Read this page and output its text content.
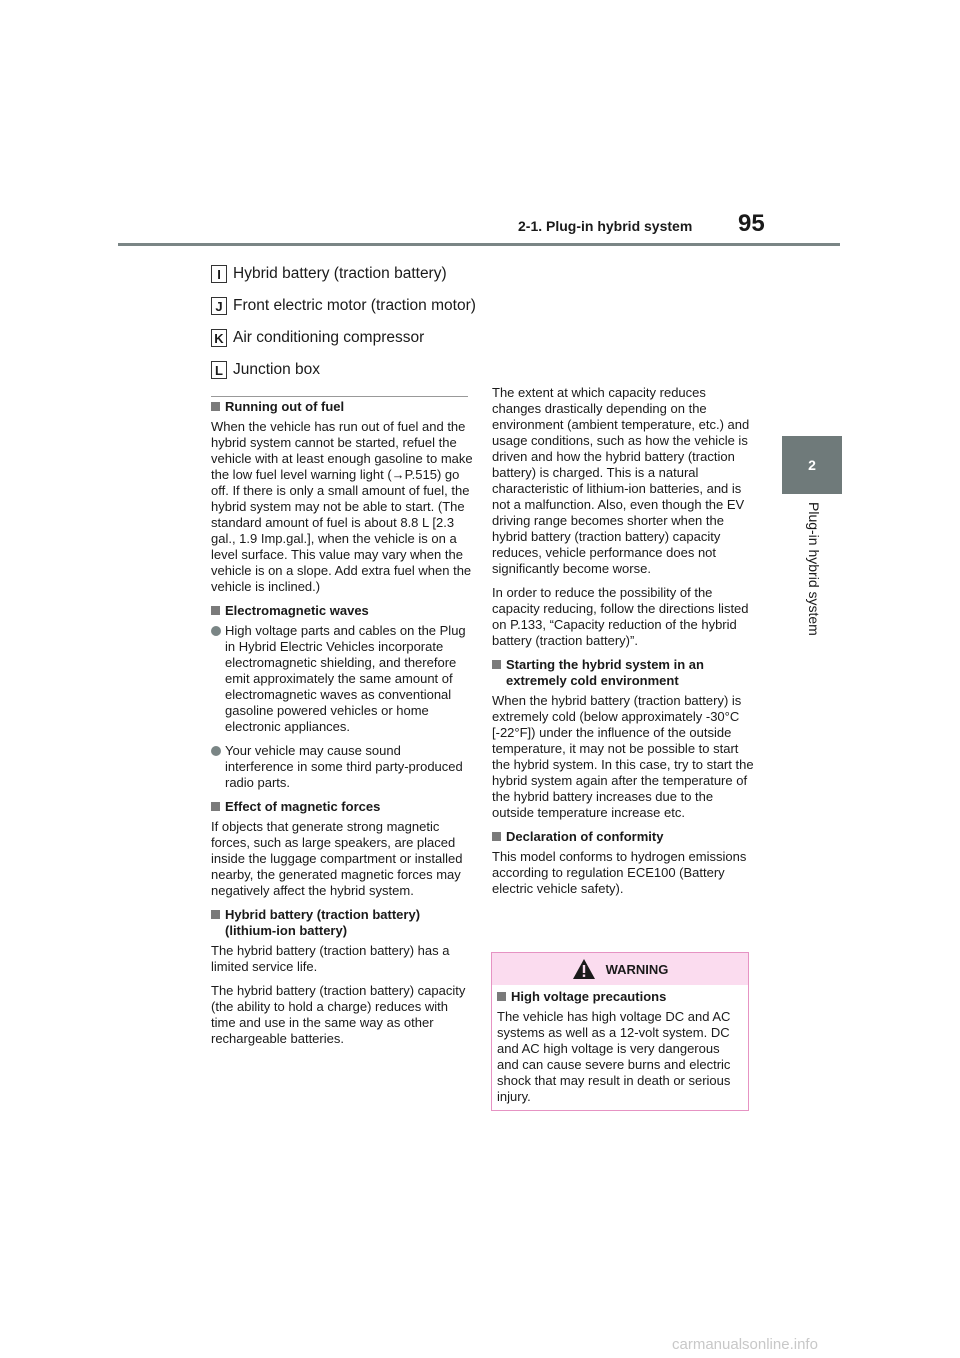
2-1. Plug-in hybrid system 95
2
Plug-in hybrid system
I Hybrid battery (traction battery)
J Front electric motor (traction motor)
K Air conditioning compressor
L Junction box
Running out of fuel

When the vehicle has run out of fuel and the hybrid system cannot be started, refuel the vehicle with at least enough gasoline to make the low fuel level warning light (→P.515) go off. If there is only a small amount of fuel, the hybrid system may not be able to start. (The standard amount of fuel is about 8.8 L [2.3 gal., 1.9 Imp.gal.], when the vehicle is on a level surface. This value may vary when the vehicle is on a slope. Add extra fuel when the vehicle is inclined.)

Electromagnetic waves
High voltage parts and cables on the Plug in Hybrid Electric Vehicles incorporate electromagnetic shielding, and therefore emit approximately the same amount of electromagnetic waves as conventional gasoline powered vehicles or home electronic appliances.
Your vehicle may cause sound interference in some third party-produced radio parts.
Effect of magnetic forces

If objects that generate strong magnetic forces, such as large speakers, are placed inside the luggage compartment or installed nearby, the generated magnetic forces may negatively affect the hybrid system.

Hybrid battery (traction battery) (lithium-ion battery)

The hybrid battery (traction battery) has a limited service life.

The hybrid battery (traction battery) capacity (the ability to hold a charge) reduces with time and use in the same way as other rechargeable batteries.

The extent at which capacity reduces changes drastically depending on the environment (ambient temperature, etc.) and usage conditions, such as how the vehicle is driven and how the hybrid battery (traction battery) is charged. This is a natural characteristic of lithium-ion batteries, and is not a malfunction. Also, even though the EV driving range becomes shorter when the hybrid battery (traction battery) capacity reduces, vehicle performance does not significantly become worse.

In order to reduce the possibility of the capacity reducing, follow the directions listed on P.133, “Capacity reduction of the hybrid battery (traction battery)”.

Starting the hybrid system in an extremely cold environment

When the hybrid battery (traction battery) is extremely cold (below approximately -30°C [-22°F]) under the influence of the outside temperature, it may not be possible to start the hybrid system. In this case, try to start the hybrid system again after the temperature of the hybrid battery increases due to the outside temperature increase etc.

Declaration of conformity

This model conforms to hydrogen emissions according to regulation ECE100 (Battery electric vehicle safety).

WARNING
High voltage precautions

The vehicle has high voltage DC and AC systems as well as a 12-volt system. DC and AC high voltage is very dangerous and can cause severe burns and electric shock that may result in death or serious injury.

carmanualsonline.info
